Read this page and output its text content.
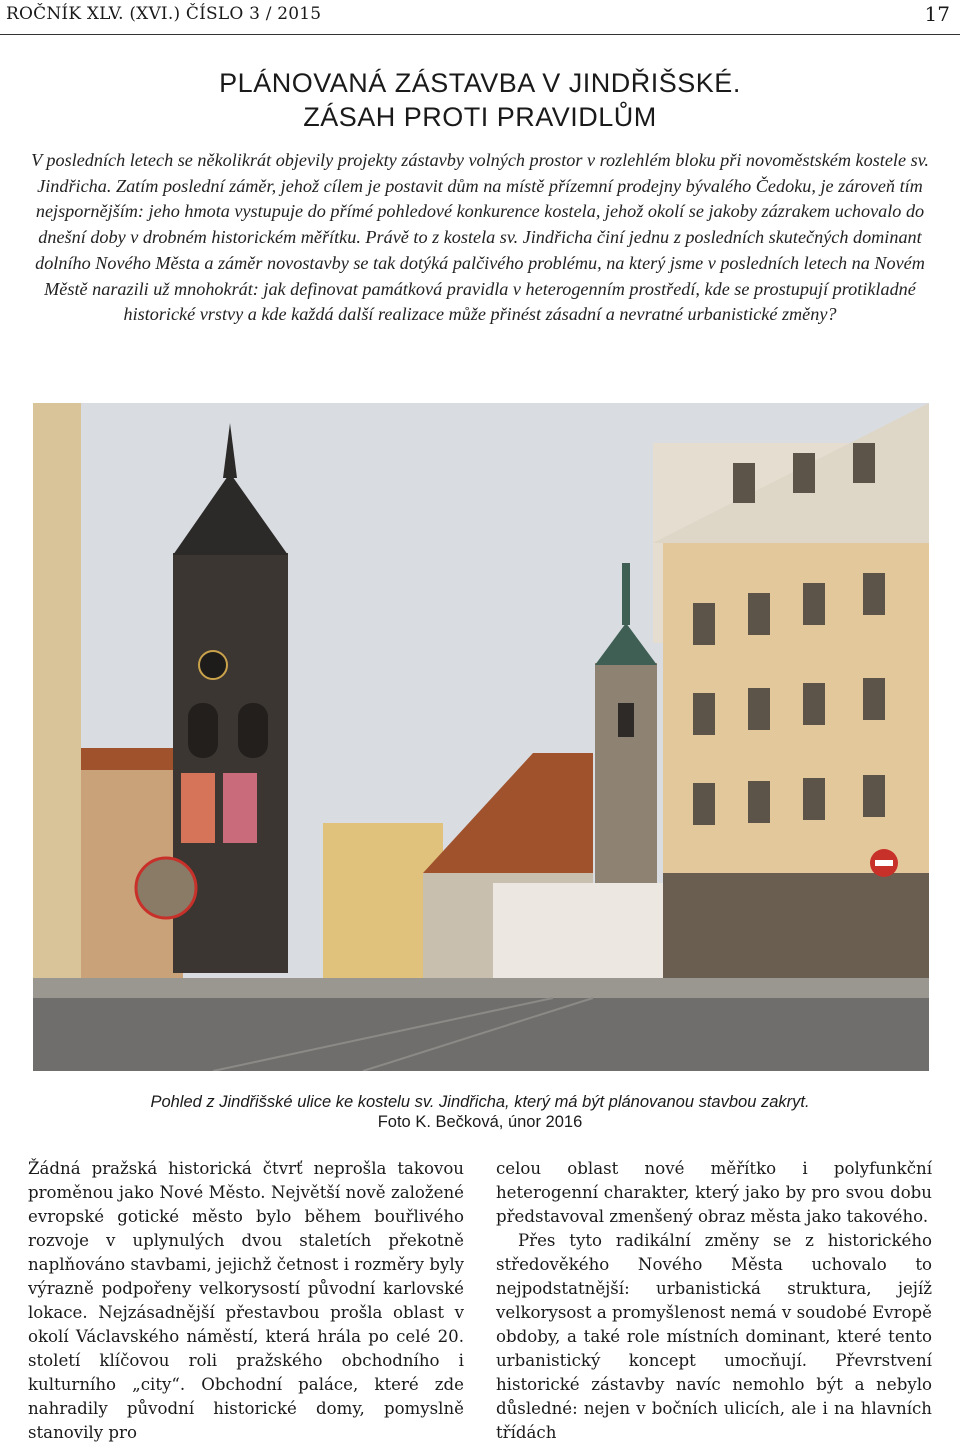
ROČNÍK XLV. (XVI.) ČÍSLO 3 / 2015	17
PLÁNOVANÁ ZÁSTAVBA V JINDŘIŠSKÉ.
ZÁSAH PROTI PRAVIDLŮM

V posledních letech se několikrát objevily projekty zástavby volných prostor v rozlehlém bloku při novoměstském kostele sv. Jindřicha. Zatím poslední záměr, jehož cílem je postavit dům na místě přízemní prodejny bývalého Čedoku, je zároveň tím nejspornějším: jeho hmota vystupuje do přímé pohledové konkurence kostela, jehož okolí se jakoby zázrakem uchovalo do dnešní doby v drobném historickém měřítku. Právě to z kostela sv. Jindřicha činí jednu z posledních skutečných dominant dolního Nového Města a záměr novostavby se tak dotýká palčivého problému, na který jsme v posledních letech na Novém Městě narazili už mnohokrát: jak definovat památková pravidla v heterogenním prostředí, kde se prostupují protikladné historické vrstvy a kde každá další realizace může přinést zásadní a nevratné urbanistické změny?

Pohled z Jindřišské ulice ke kostelu sv. Jindřicha, který má být plánovanou stavbou zakryt.

Foto K. Bečková, únor 2016

Žádná pražská historická čtvrť neprošla takovou proměnou jako Nové Město. Největší nově založené evropské gotické město bylo během bouřlivého rozvoje v uplynulých dvou staletích překotně naplňováno stavbami, jejichž četnost i rozměry byly výrazně podpořeny velkorysostí původní karlovské lokace. Nejzásadnější přestavbou prošla oblast v okolí Václavského náměstí, která hrála po celé 20. století klíčovou roli pražského obchodního i kulturního „city“. Obchodní paláce, které zde nahradily původní historické domy, pomyslně stanovily pro

celou oblast nové měřítko i polyfunkční heterogenní charakter, který jako by pro svou dobu představoval zmenšený obraz města jako takového.

Přes tyto radikální změny se z historického středověkého Nového Města uchovalo to nejpodstatnější: urbanistická struktura, jejíž velkorysost a promyšlenost nemá v soudobé Evropě obdoby, a také role místních dominant, které tento urbanistický koncept umocňují. Převrstvení historické zástavby navíc nemohlo být a nebylo důsledné: nejen v bočních ulicích, ale i na hlavních třídách
